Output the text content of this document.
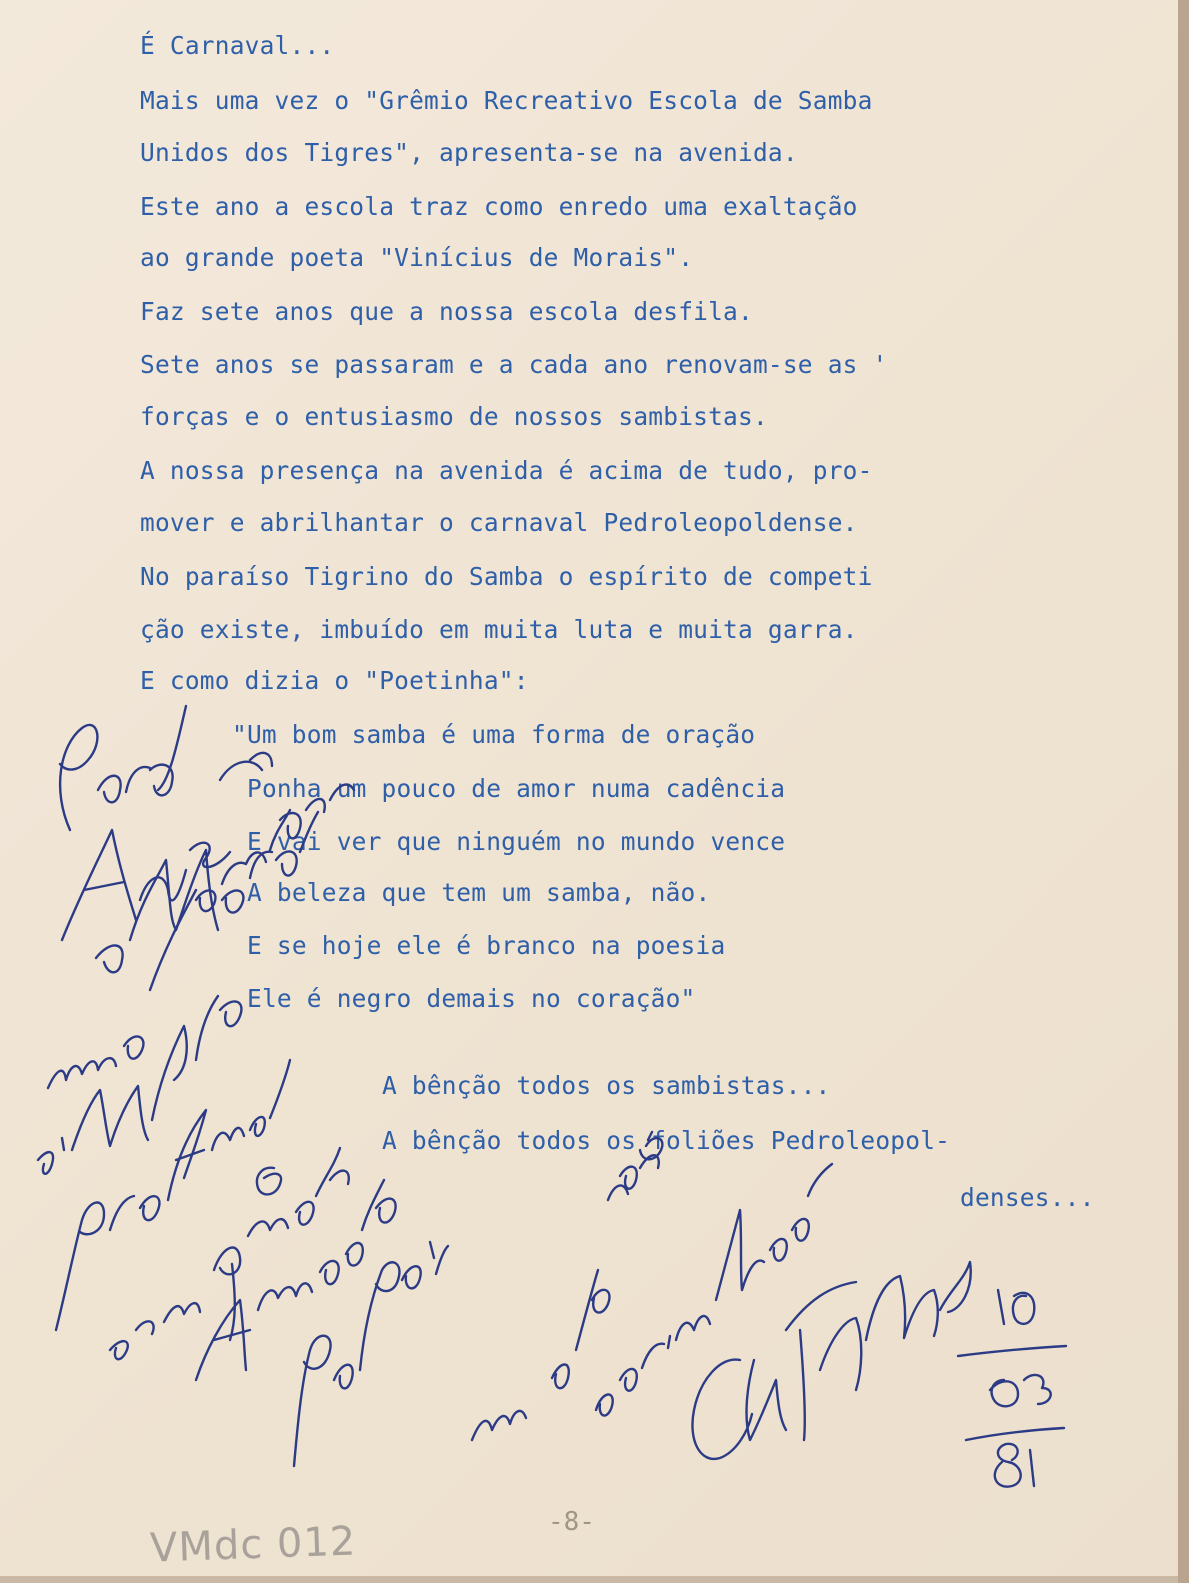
É Carnaval...
Mais uma vez o "Grêmio Recreativo Escola de Samba
Unidos dos Tigres", apresenta-se na avenida.
Este ano a escola traz como enredo uma exaltação
ao grande poeta "Vinícius de Morais".
Faz sete anos que a nossa escola desfila.
Sete anos se passaram e a cada ano renovam-se as '
forças e o entusiasmo de nossos sambistas.
A nossa presença na avenida é acima de tudo, pro-
mover e abrilhantar o carnaval Pedroleopoldense.
No paraíso Tigrino do Samba o espírito de competi
ção existe, imbuído em muita luta e muita garra.
E como dizia o "Poetinha":
"Um bom samba é uma forma de oração
Ponha um pouco de amor numa cadência
E vai ver que ninguém no mundo vence
A beleza que tem um samba, não.
E se hoje ele é branco na poesia
Ele é negro demais no coração"
A bênção todos os sambistas...
A bênção todos os foliões Pedroleopol-
denses...
-8-
VMdc 012
